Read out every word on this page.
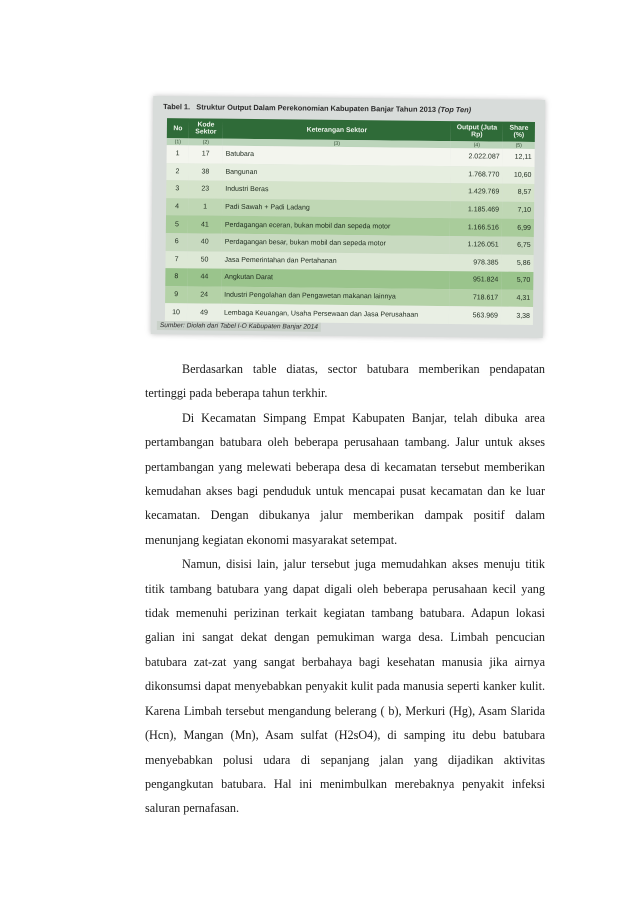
Tabel 1. Struktur Output Dalam Perekonomian Kabupaten Banjar Tahun 2013 (Top Ten)
No	Kode Sektor	Keterangan Sektor	Output (Juta Rp)	Share (%)
(1)	(2)	(3)	(4)	(5)
1	17	Batubara	2.022.087	12,11
2	38	Bangunan	1.768.770	10,60
3	23	Industri Beras	1.429.769	8,57
4	1	Padi Sawah + Padi Ladang	1.185.469	7,10
5	41	Perdagangan eceran, bukan mobil dan sepeda motor	1.166.516	6,99
6	40	Perdagangan besar, bukan mobil dan sepeda motor	1.126.051	6,75
7	50	Jasa Pemerintahan dan Pertahanan	978.385	5,86
8	44	Angkutan Darat	951.824	5,70
9	24	Industri Pengolahan dan Pengawetan makanan lainnya	718.617	4,31
10	49	Lembaga Keuangan, Usaha Persewaan dan Jasa Perusahaan	563.969	3,38
Sumber: Diolah dari Tabel I-O Kabupaten Banjar 2014

Berdasarkan table diatas, sector batubara memberikan pendapatan tertinggi pada beberapa tahun terkhir.

Di Kecamatan Simpang Empat Kabupaten Banjar, telah dibuka area pertambangan batubara oleh beberapa perusahaan tambang. Jalur untuk akses pertambangan yang melewati beberapa desa di kecamatan tersebut memberikan kemudahan akses bagi penduduk untuk mencapai pusat kecamatan dan ke luar kecamatan. Dengan dibukanya jalur memberikan dampak positif dalam menunjang kegiatan ekonomi masyarakat setempat.

Namun, disisi lain, jalur tersebut juga memudahkan akses menuju titik titik tambang batubara yang dapat digali oleh beberapa perusahaan kecil yang tidak memenuhi perizinan terkait kegiatan tambang batubara. Adapun lokasi galian ini sangat dekat dengan pemukiman warga desa. Limbah pencucian batubara zat-zat yang sangat berbahaya bagi kesehatan manusia jika airnya dikonsumsi dapat menyebabkan penyakit kulit pada manusia seperti kanker kulit. Karena Limbah tersebut mengandung belerang ( b), Merkuri (Hg), Asam Slarida (Hcn), Mangan (Mn), Asam sulfat (H2sO4), di samping itu debu batubara menyebabkan polusi udara di sepanjang jalan yang dijadikan aktivitas pengangkutan batubara. Hal ini menimbulkan merebaknya penyakit infeksi saluran pernafasan.
